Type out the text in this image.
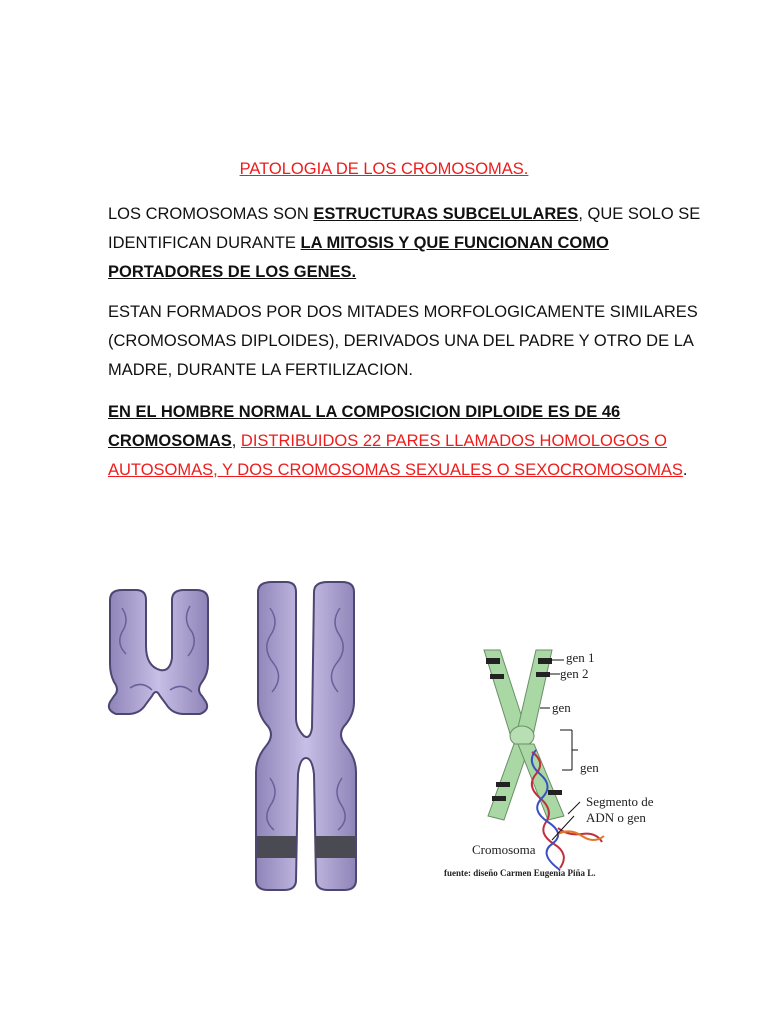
PATOLOGIA DE LOS CROMOSOMAS.
LOS CROMOSOMAS SON ESTRUCTURAS SUBCELULARES, QUE SOLO SE IDENTIFICAN DURANTE LA MITOSIS Y QUE FUNCIONAN COMO PORTADORES DE LOS GENES.
ESTAN FORMADOS POR DOS MITADES MORFOLOGICAMENTE SIMILARES (CROMOSOMAS DIPLOIDES), DERIVADOS UNA DEL PADRE Y OTRO DE LA MADRE, DURANTE LA FERTILIZACION.
EN EL HOMBRE NORMAL LA COMPOSICION DIPLOIDE ES DE 46 CROMOSOMAS, DISTRIBUIDOS 22 PARES LLAMADOS HOMOLOGOS O AUTOSOMAS, Y DOS CROMOSOMAS SEXUALES O SEXOCROMOSOMAS.
gen 1
gen 2
gen
gen
Segmento de
ADN o gen
Cromosoma
fuente: diseño Carmen Eugenia Piña L.
